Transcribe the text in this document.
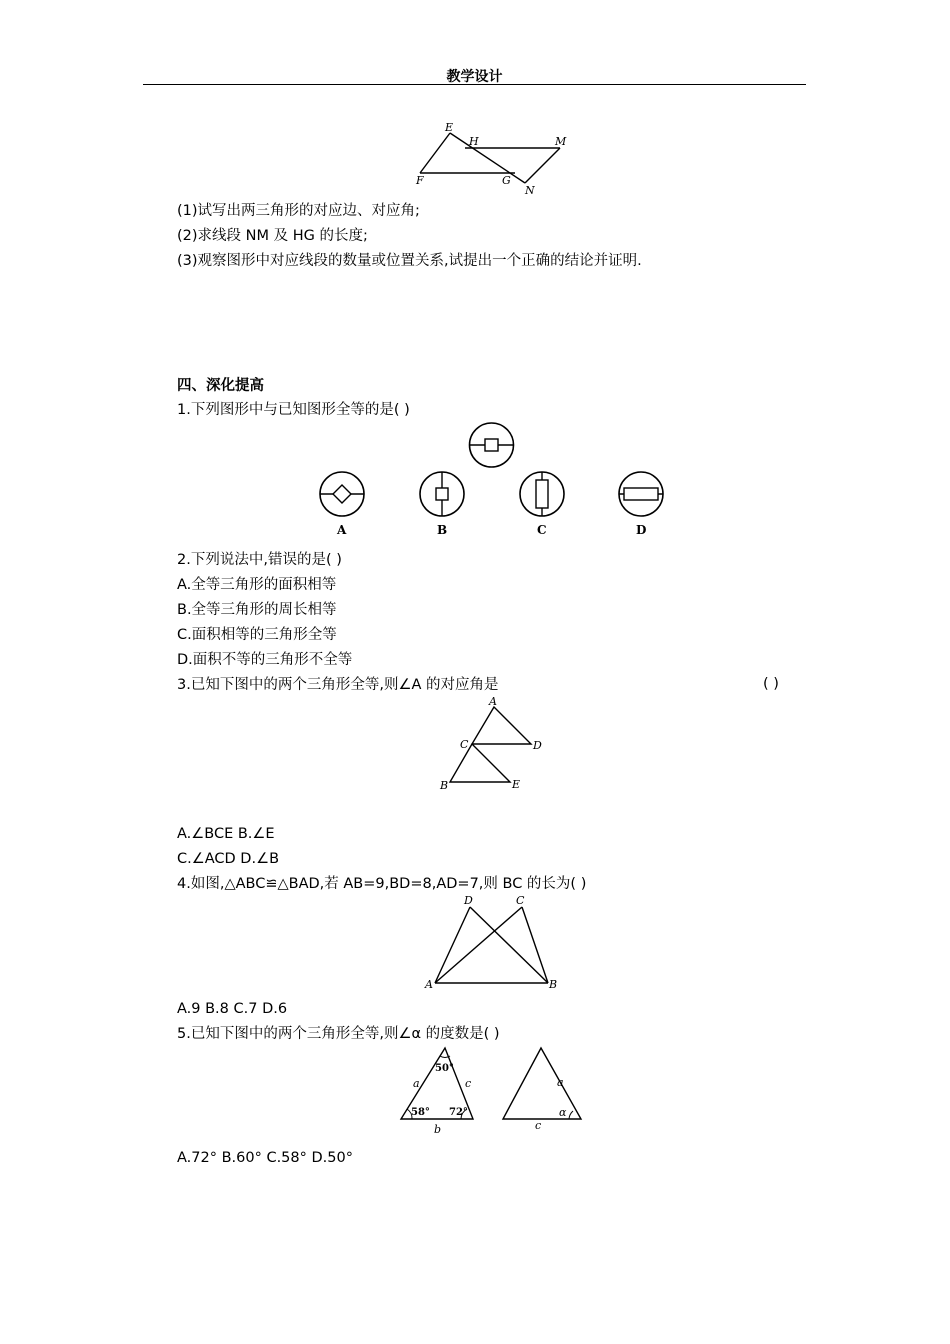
教学设计
E
H	M
F	G
N
(1)试写出两三角形的对应边、对应角;
(2)求线段 NM 及 HG 的长度;
(3)观察图形中对应线段的数量或位置关系,试提出一个正确的结论并证明.
四、深化提高
1.下列图形中与已知图形全等的是( )
A	B	C	D
2.下列说法中,错误的是( )
A.全等三角形的面积相等
B.全等三角形的周长相等
C.面积相等的三角形全等
D.面积不等的三角形不全等
3.已知下图中的两个三角形全等,则∠A 的对应角是	( )
A
C	D
B	E
A.∠BCE B.∠E
C.∠ACD D.∠B
4.如图,△ABC≌△BAD,若 AB=9,BD=8,AD=7,则 BC 的长为( )
D	C
A	B
A.9 B.8 C.7 D.6
5.已知下图中的两个三角形全等,则∠α 的度数是( )
50°
58° 72°
a	c
b
a
c
α
A.72° B.60° C.58° D.50°
